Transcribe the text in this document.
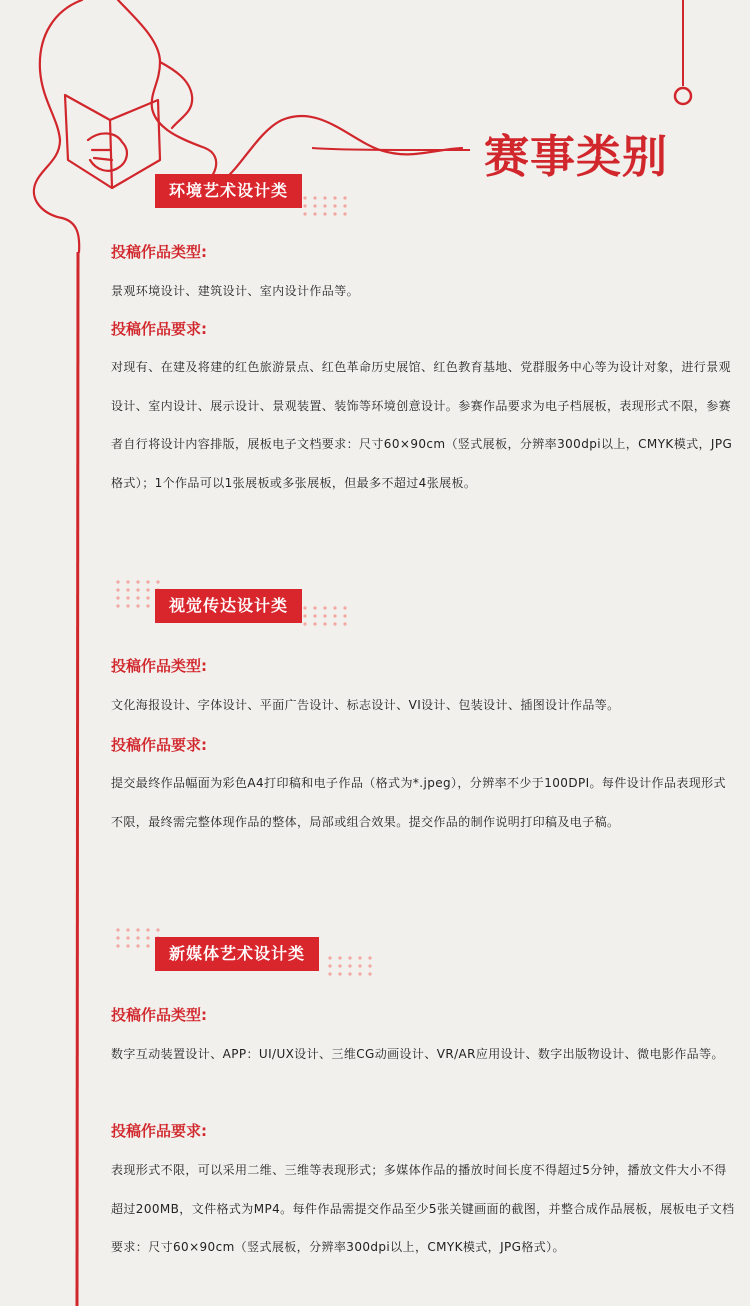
赛事类别
环境艺术设计类
投稿作品类型:
景观环境设计、建筑设计、室内设计作品等。
投稿作品要求:
对现有、在建及将建的红色旅游景点、红色革命历史展馆、红色教育基地、党群服务中心等为设计对象，进行景观设计、室内设计、展示设计、景观装置、装饰等环境创意设计。参赛作品要求为电子档展板，表现形式不限，参赛者自行将设计内容排版，展板电子文档要求：尺寸60×90cm（竖式展板，分辨率300dpi以上，CMYK模式，JPG格式）；1个作品可以1张展板或多张展板，但最多不超过4张展板。
视觉传达设计类
投稿作品类型:
文化海报设计、字体设计、平面广告设计、标志设计、VI设计、包装设计、插图设计作品等。
投稿作品要求:
提交最终作品幅面为彩色A4打印稿和电子作品（格式为*.jpeg），分辨率不少于100DPI。每件设计作品表现形式不限，最终需完整体现作品的整体，局部或组合效果。提交作品的制作说明打印稿及电子稿。
新媒体艺术设计类
投稿作品类型:
数字互动装置设计、APP：UI/UX设计、三维CG动画设计、VR/AR应用设计、数字出版物设计、微电影作品等。
投稿作品要求:
表现形式不限，可以采用二维、三维等表现形式；多媒体作品的播放时间长度不得超过5分钟，播放文件大小不得超过200MB，文件格式为MP4。每件作品需提交作品至少5张关键画面的截图，并整合成作品展板，展板电子文档要求：尺寸60×90cm（竖式展板，分辨率300dpi以上，CMYK模式，JPG格式）。
